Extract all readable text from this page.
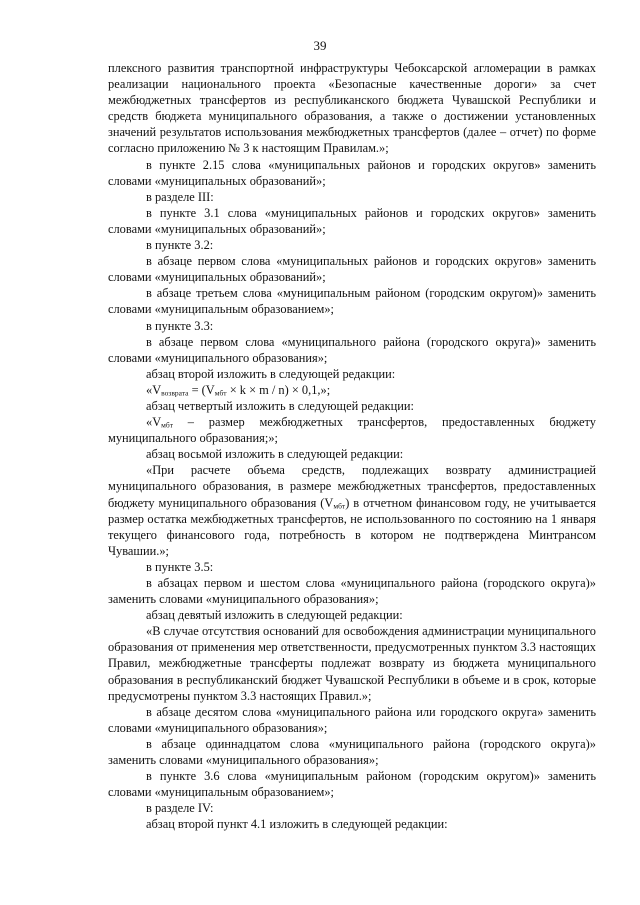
39

плексного развития транспортной инфраструктуры Чебоксарской агломерации в рамках реализации национального проекта «Безопасные качественные дороги» за счет межбюджетных трансфертов из республиканского бюджета Чувашской Республики и средств бюджета муниципального образования, а также о достижении установленных значений результатов использования межбюджетных трансфертов (далее – отчет) по форме согласно приложению № 3 к настоящим Правилам.»;

в пункте 2.15 слова «муниципальных районов и городских округов» заменить словами «муниципальных образований»;

в разделе III:

в пункте 3.1 слова «муниципальных районов и городских округов» заменить словами «муниципальных образований»;

в пункте 3.2:

в абзаце первом слова «муниципальных районов и городских округов» заменить словами «муниципальных образований»;

в абзаце третьем слова «муниципальным районом (городским округом)» заменить словами «муниципальным образованием»;

в пункте 3.3:

в абзаце первом слова «муниципального района (городского округа)» заменить словами «муниципального образования»;

абзац второй изложить в следующей редакции:

«$V_{возврата} = (V_{мбт} \times k \times m / n) \times 0,1$,»;

абзац четвертый изложить в следующей редакции:

«$V_{мбт}$ – размер межбюджетных трансфертов, предоставленных бюджету муниципального образования;»;

абзац восьмой изложить в следующей редакции:

«При расчете объема средств, подлежащих возврату администрацией муниципального образования, в размере межбюджетных трансфертов, предоставленных бюджету муниципального образования $(V_{мбт})$ в отчетном финансовом году, не учитывается размер остатка межбюджетных трансфертов, не использованного по состоянию на 1 января текущего финансового года, потребность в котором не подтверждена Минтрансом Чувашии.»;

в пункте 3.5:

в абзацах первом и шестом слова «муниципального района (городского округа)» заменить словами «муниципального образования»;

абзац девятый изложить в следующей редакции:

«В случае отсутствия оснований для освобождения администрации муниципального образования от применения мер ответственности, предусмотренных пунктом 3.3 настоящих Правил, межбюджетные трансферты подлежат возврату из бюджета муниципального образования в республиканский бюджет Чувашской Республики в объеме и в срок, которые предусмотрены пунктом 3.3 настоящих Правил.»;

в абзаце десятом слова «муниципального района или городского округа» заменить словами «муниципального образования»;

в абзаце одиннадцатом слова «муниципального района (городского округа)» заменить словами «муниципального образования»;

в пункте 3.6 слова «муниципальным районом (городским округом)» заменить словами «муниципальным образованием»;

в разделе IV:

абзац второй пункт 4.1 изложить в следующей редакции:
